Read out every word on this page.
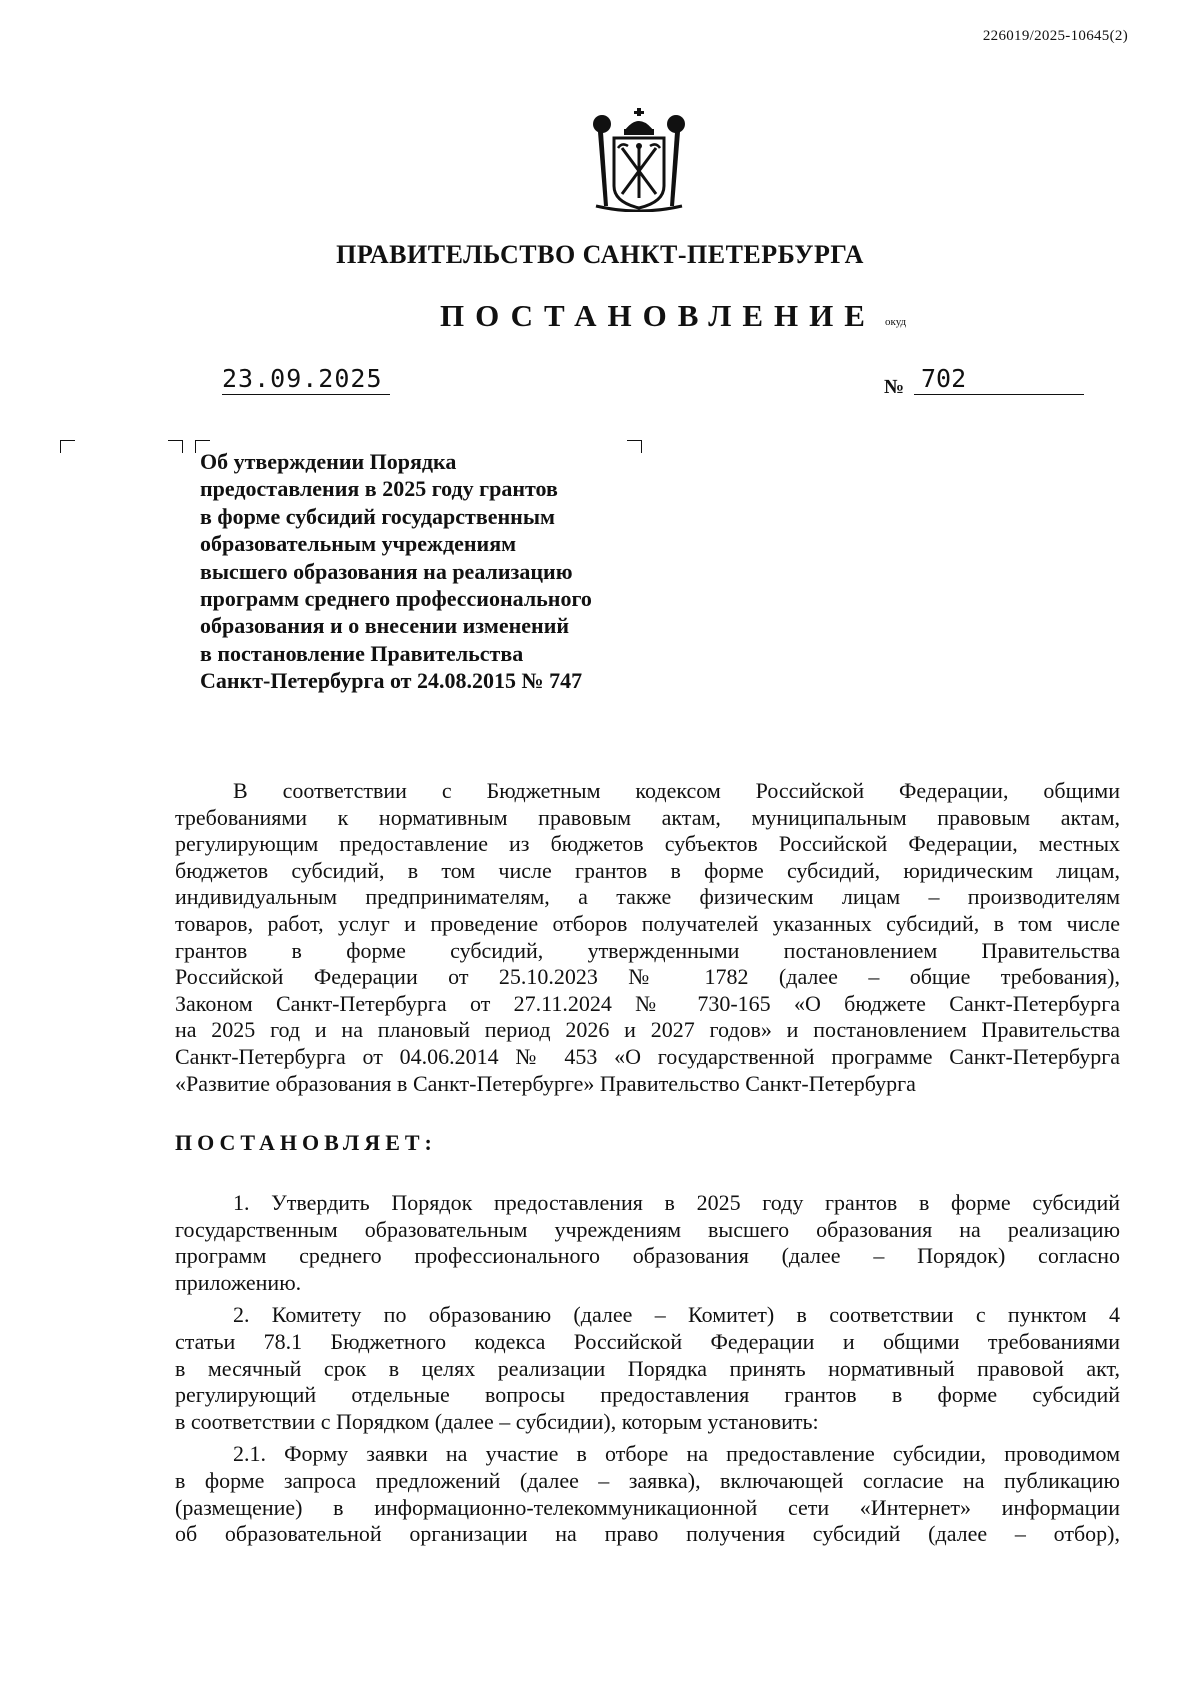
226019/2025-10645(2)
ПРАВИТЕЛЬСТВО САНКТ-ПЕТЕРБУРГА
ПОСТАНОВЛЕНИЕ окуд
23.09.2025	№ 702
Об утверждении Порядка
предоставления в 2025 году грантов
в форме субсидий государственным
образовательным учреждениям
высшего образования на реализацию
программ среднего профессионального
образования и о внесении изменений
в постановление Правительства
Санкт-Петербурга от 24.08.2015 № 747

В соответствии с Бюджетным кодексом Российской Федерации, общими

требованиями к нормативным правовым актам, муниципальным правовым актам,

регулирующим предоставление из бюджетов субъектов Российской Федерации, местных

бюджетов субсидий, в том числе грантов в форме субсидий, юридическим лицам,

индивидуальным предпринимателям, а также физическим лицам – производителям

товаров, работ, услуг и проведение отборов получателей указанных субсидий, в том числе

грантов в форме субсидий, утвержденными постановлением Правительства

Российской Федерации от 25.10.2023 № 1782 (далее – общие требования),

Законом Санкт-Петербурга от 27.11.2024 № 730-165 «О бюджете Санкт-Петербурга

на 2025 год и на плановый период 2026 и 2027 годов» и постановлением Правительства

Санкт-Петербурга от 04.06.2014 № 453 «О государственной программе Санкт-Петербурга

«Развитие образования в Санкт-Петербурге» Правительство Санкт-Петербурга

ПОСТАНОВЛЯЕТ:

1. Утвердить Порядок предоставления в 2025 году грантов в форме субсидий

государственным образовательным учреждениям высшего образования на реализацию

программ среднего профессионального образования (далее – Порядок) согласно

приложению.

2. Комитету по образованию (далее – Комитет) в соответствии с пунктом 4

статьи 78.1 Бюджетного кодекса Российской Федерации и общими требованиями

в месячный срок в целях реализации Порядка принять нормативный правовой акт,

регулирующий отдельные вопросы предоставления грантов в форме субсидий

в соответствии с Порядком (далее – субсидии), которым установить:

2.1. Форму заявки на участие в отборе на предоставление субсидии, проводимом

в форме запроса предложений (далее – заявка), включающей согласие на публикацию

(размещение) в информационно-телекоммуникационной сети «Интернет» информации

об образовательной организации на право получения субсидий (далее – отбор),
